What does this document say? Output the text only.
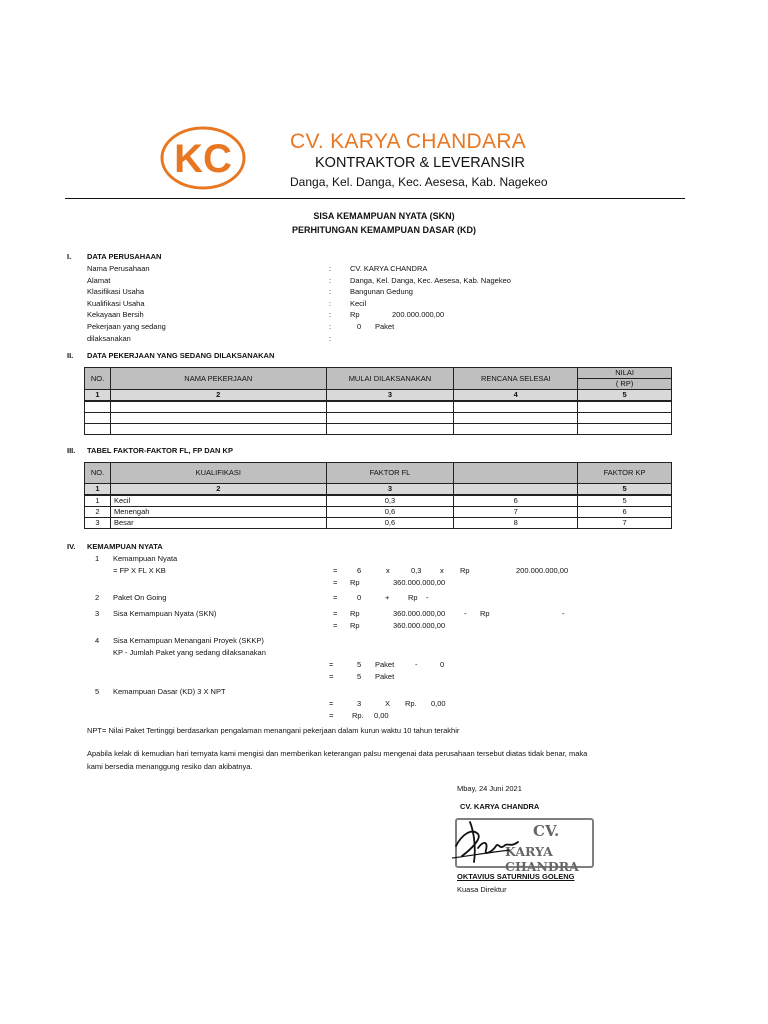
KC	CV. KARYA CHANDARA
KONTRAKTOR & LEVERANSIR
Danga, Kel. Danga, Kec. Aesesa, Kab. Nagekeo
SISA KEMAMPUAN NYATA (SKN)
PERHITUNGAN KEMAMPUAN DASAR (KD)
I. DATA PERUSAHAAN
Nama Perusahaan	:	CV. KARYA CHANDRA
Alamat	:	Danga, Kel. Danga, Kec. Aesesa, Kab. Nagekeo
Klasifikasi Usaha	:	Bangunan Gedung
Kualifikasi Usaha	:	Kecil
Kekayaan Bersih	:	Rp	200.000.000,00
Pekerjaan yang sedang	:	0 Paket
dilaksanakan	:
II. DATA PEKERJAAN YANG SEDANG DILAKSANAKAN
NO.	NAMA PEKERJAAN	MULAI DILAKSANAKAN	RENCANA SELESAI	NILAI
				( RP)
1	2	3	4	5

III. TABEL FAKTOR-FAKTOR FL, FP DAN KP
NO.	KUALIFIKASI	FAKTOR FL		FAKTOR KP
1	2	3		5
1	Kecil	0,3	6	5
2	Menengah	0,6	7	6
3	Besar	0,6	8	7
IV. KEMAMPUAN NYATA
1 Kemampuan Nyata
= FP X FL X KB	=	6	x	0,3 x Rp	200.000.000,00
= Rp	360.000.000,00
2 Paket On Going	=	0	+ Rp -
3 Sisa Kemampuan Nyata (SKN)	= Rp	360.000.000,00	- Rp	-
= Rp	360.000.000,00
4 Sisa Kemampuan Menangani Proyek (SKKP)
KP - Jumlah Paket yang sedang dilaksanakan
=	5 Paket	-	0
=	5 Paket
5 Kemampuan Dasar (KD) 3 X NPT
=	3	X Rp. 0,00
= Rp. 0,00
NPT= Nilai Paket Tertinggi berdasarkan pengalaman menangani pekerjaan dalam kurun waktu 10 tahun terakhir
Apabila kelak di kemudian hari ternyata kami mengisi dan memberikan keterangan palsu mengenai data perusahaan tersebut diatas tidak benar, maka
kami bersedia menanggung resiko dan akibatnya.
Mbay, 24 Juni 2021
CV. KARYA CHANDRA
CV.
KARYA CHANDRA
OKTAVIUS SATURNIUS GOLENG
Kuasa Direktur
